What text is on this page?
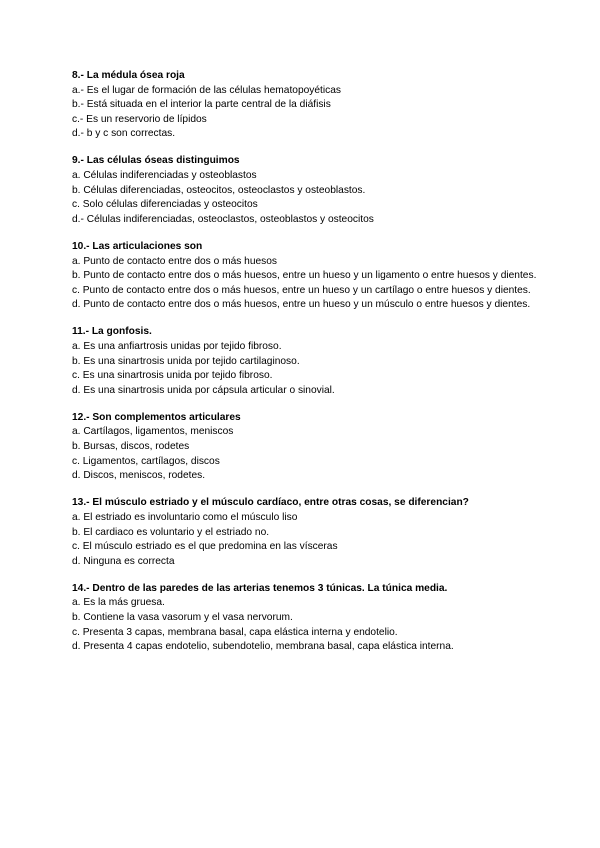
8.- La médula ósea roja

a.- Es el lugar de formación de las células hematopoyéticas

b.- Está situada en el interior la parte central de la diáfisis

c.- Es un reservorio de lípidos

d.- b y c son correctas.

9.- Las células óseas distinguimos

a. Células indiferenciadas y osteoblastos

b. Células diferenciadas, osteocitos, osteoclastos y osteoblastos.

c. Solo células diferenciadas y osteocitos

d.- Células indiferenciadas, osteoclastos, osteoblastos y osteocitos

10.- Las articulaciones son

a. Punto de contacto entre dos o más huesos

b. Punto de contacto entre dos o más huesos, entre un hueso y un ligamento o entre huesos y dientes.

c. Punto de contacto entre dos o más huesos, entre un hueso y un cartílago o entre huesos y dientes.

d. Punto de contacto entre dos o más huesos, entre un hueso y un músculo o entre huesos y dientes.

11.- La gonfosis.

a. Es una anfiartrosis unidas por tejido fibroso.

b. Es una sinartrosis unida por tejido cartilaginoso.

c. Es una sinartrosis unida por tejido fibroso.

d. Es una sinartrosis unida por cápsula articular o sinovial.

12.- Son complementos articulares

a. Cartílagos, ligamentos, meniscos

b. Bursas, discos, rodetes

c. Ligamentos, cartílagos, discos

d. Discos, meniscos, rodetes.

13.- El músculo estriado y el músculo cardíaco, entre otras cosas, se diferencian?

a. El estriado es involuntario como el músculo liso

b. El cardiaco es voluntario y el estriado no.

c. El músculo estriado es el que predomina en las vísceras

d. Ninguna es correcta

14.- Dentro de las paredes de las arterias tenemos 3 túnicas. La túnica media.

a. Es la más gruesa.

b. Contiene la vasa vasorum y el vasa nervorum.

c. Presenta 3 capas, membrana basal, capa elástica interna y endotelio.

d. Presenta 4 capas endotelio, subendotelio, membrana basal, capa elástica interna.
